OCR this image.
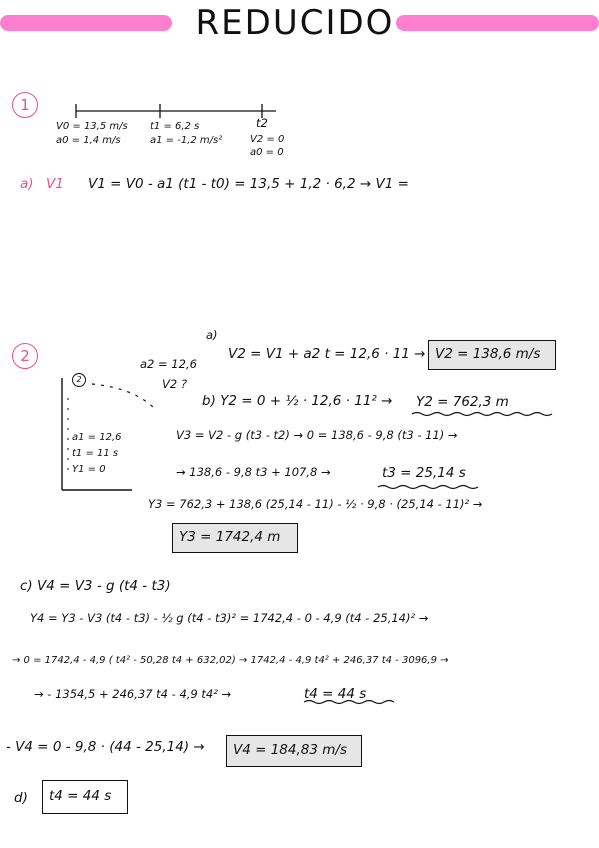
REDUCIDO
1
t2
V0 = 13,5 m/s
a0 = 1,4 m/s
t1 = 6,2 s
a1 = -1,2 m/s²	V2 = 0
a0 = 0
a) V1 V1 = V0 - a1 (t1 - t0) = 13,5 + 1,2 · 6,2 → V1 =
2
2
a2 = 12,6
V2 ?
a1 = 12,6
t1 = 11 s
Y1 = 0
a)
V2 = V1 + a2 t = 12,6 · 11 → V2 = 138,6 m/s
b) Y2 = 0 + ½ · 12,6 · 11² → Y2 = 762,3 m
V3 = V2 - g (t3 - t2) → 0 = 138,6 - 9,8 (t3 - 11) →
→ 138,6 - 9,8 t3 + 107,8 →	t3 = 25,14 s
Y3 = 762,3 + 138,6 (25,14 - 11) - ½ · 9,8 · (25,14 - 11)² →
Y3 = 1742,4 m
c) V4 = V3 - g (t4 - t3)
Y4 = Y3 - V3 (t4 - t3) - ½ g (t4 - t3)² = 1742,4 - 0 - 4,9 (t4 - 25,14)² →
→ 0 = 1742,4 - 4,9 ( t4² - 50,28 t4 + 632,02) → 1742,4 - 4,9 t4² + 246,37 t4 - 3096,9 →
→ - 1354,5 + 246,37 t4 - 4,9 t4² →	t4 = 44 s
- V4 = 0 - 9,8 · (44 - 25,14) → V4 = 184,83 m/s
d) t4 = 44 s
